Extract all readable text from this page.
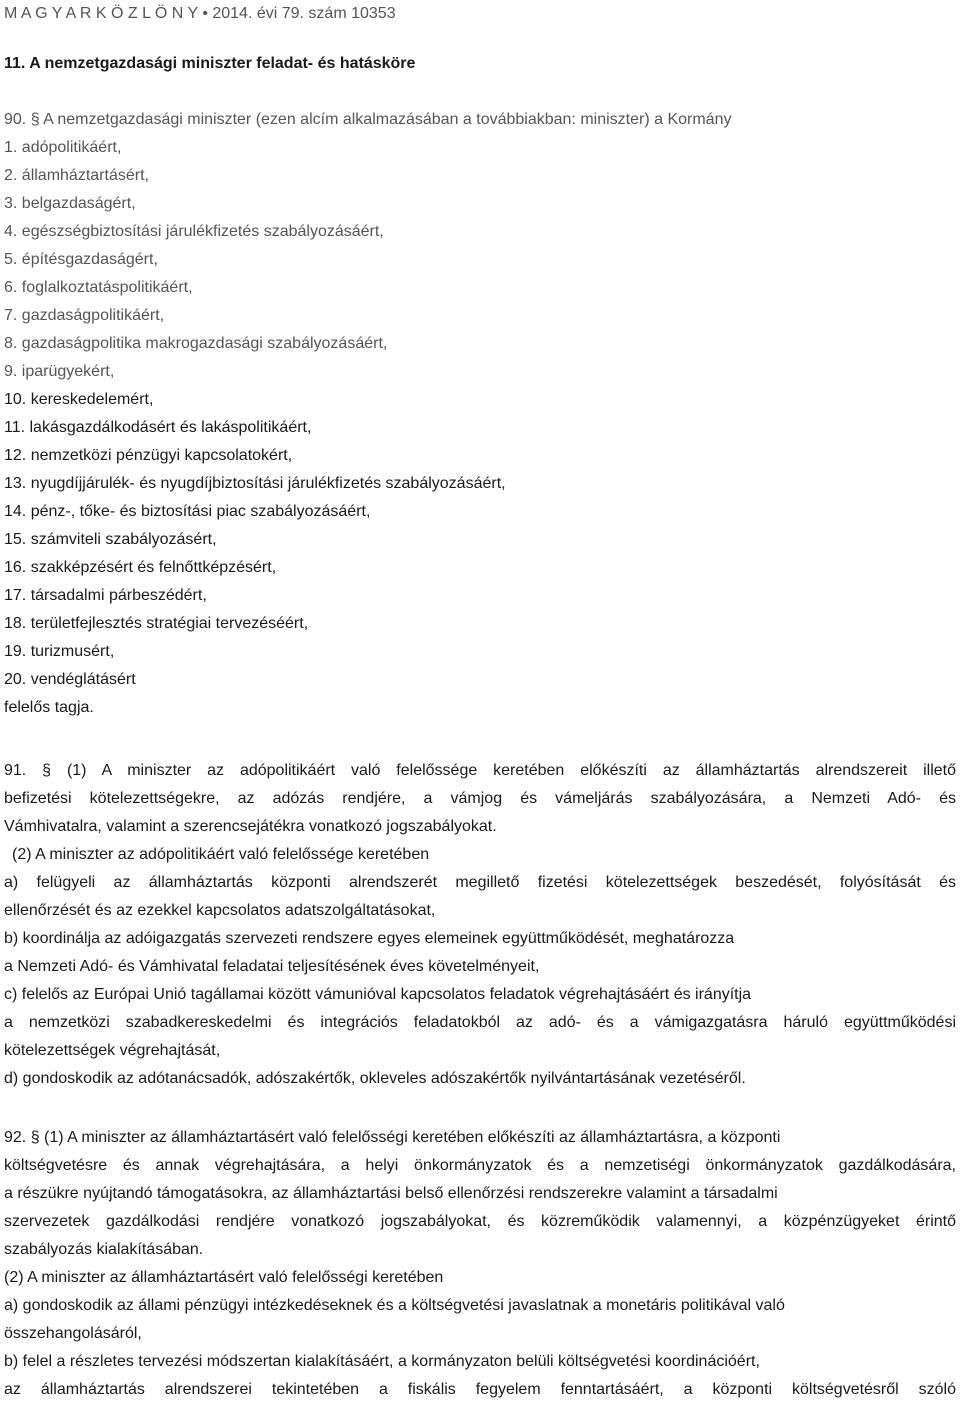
M A G Y A R K Ö Z L Ö N Y • 2014. évi 79. szám 10353
11. A nemzetgazdasági miniszter feladat- és hatásköre
90. § A nemzetgazdasági miniszter (ezen alcím alkalmazásában a továbbiakban: miniszter) a Kormány
1. adópolitikáért,
2. államháztartásért,
3. belgazdaságért,
4. egészségbiztosítási járulékfizetés szabályozásáért,
5. építésgazdaságért,
6. foglalkoztatáspolitikáért,
7. gazdaságpolitikáért,
8. gazdaságpolitika makrogazdasági szabályozásáért,
9. iparügyekért,
10. kereskedelemért,
11. lakásgazdálkodásért és lakáspolitikáért,
12. nemzetközi pénzügyi kapcsolatokért,
13. nyugdíjjárulék- és nyugdíjbiztosítási járulékfizetés szabályozásáért,
14. pénz-, tőke- és biztosítási piac szabályozásáért,
15. számviteli szabályozásért,
16. szakképzésért és felnőttképzésért,
17. társadalmi párbeszédért,
18. területfejlesztés stratégiai tervezéséért,
19. turizmusért,
20. vendéglátásért
felelős tagja.
91. § (1) A miniszter az adópolitikáért való felelőssége keretében előkészíti az államháztartás alrendszereit illető
befizetési kötelezettségekre, az adózás rendjére, a vámjog és vámeljárás szabályozására, a Nemzeti Adó- és
Vámhivatalra, valamint a szerencsejátékra vonatkozó jogszabályokat.
(2) A miniszter az adópolitikáért való felelőssége keretében
a) felügyeli az államháztartás központi alrendszerét megillető fizetési kötelezettségek beszedését, folyósítását és
ellenőrzését és az ezekkel kapcsolatos adatszolgáltatásokat,
b) koordinálja az adóigazgatás szervezeti rendszere egyes elemeinek együttműködését, meghatározza
a Nemzeti Adó- és Vámhivatal feladatai teljesítésének éves követelményeit,
c) felelős az Európai Unió tagállamai között vámunióval kapcsolatos feladatok végrehajtásáért és irányítja
a nemzetközi szabadkereskedelmi és integrációs feladatokból az adó- és a vámigazgatásra háruló együttműködési
kötelezettségek végrehajtását,
d) gondoskodik az adótanácsadók, adószakértők, okleveles adószakértők nyilvántartásának vezetéséről.
92. § (1) A miniszter az államháztartásért való felelősségi keretében előkészíti az államháztartásra, a központi
költségvetésre és annak végrehajtására, a helyi önkormányzatok és a nemzetiségi önkormányzatok gazdálkodására,
a részükre nyújtandó támogatásokra, az államháztartási belső ellenőrzési rendszerekre valamint a társadalmi
szervezetek gazdálkodási rendjére vonatkozó jogszabályokat, és közreműködik valamennyi, a közpénzügyeket érintő
szabályozás kialakításában.
(2) A miniszter az államháztartásért való felelősségi keretében
a) gondoskodik az állami pénzügyi intézkedéseknek és a költségvetési javaslatnak a monetáris politikával való
összehangolásáról,
b) felel a részletes tervezési módszertan kialakításáért, a kormányzaton belüli költségvetési koordinációért,
az államháztartás alrendszerei tekintetében a fiskális fegyelem fenntartásáért, a központi költségvetésről szóló
